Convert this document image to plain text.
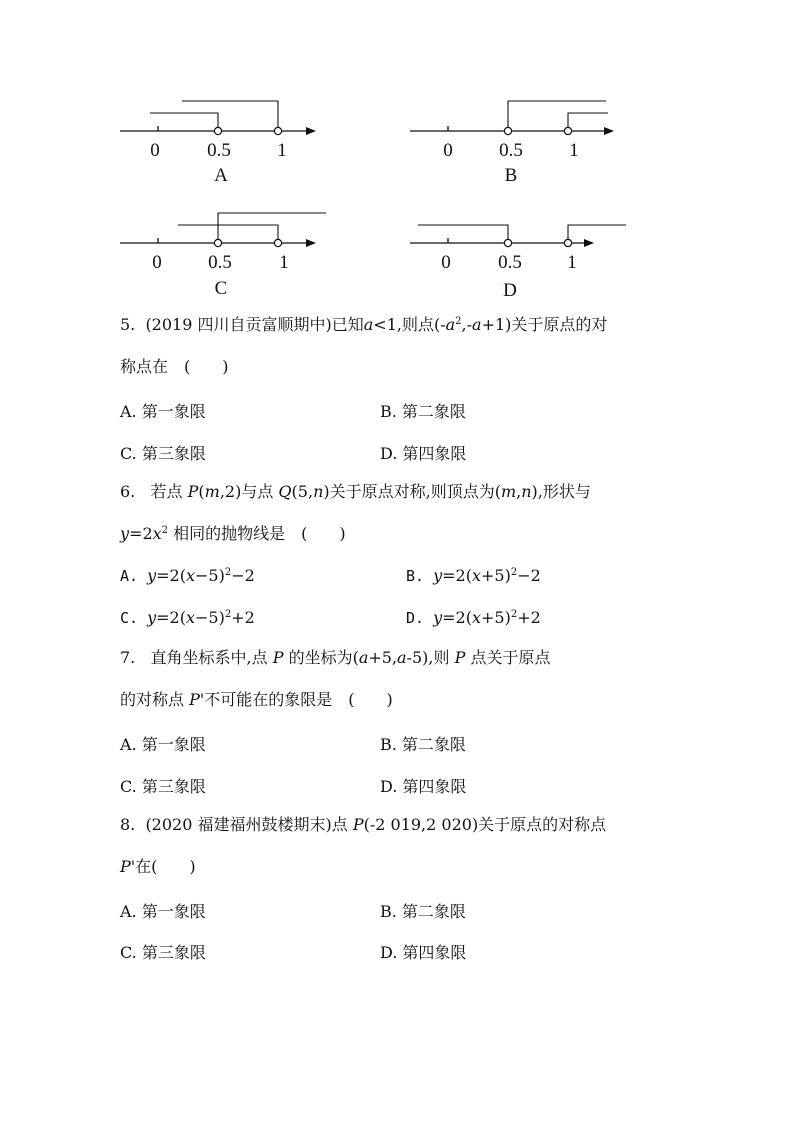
0 0.5 1
A
0 0.5 1
B
0 0.5 1
C
0 0.5 1
D
5. (2019 四川自贡富顺期中)已知a<1,则点$(-a^2,-a+1)$关于原点的对
称点在　(　　)
A. 第一象限	B. 第二象限
C. 第三象限	D. 第四象限
6. 若点 P(m,2)与点 Q(5,n)关于原点对称,则顶点为(m,n),形状与
$y=2x^2$ 相同的抛物线是　(　　)
A. $y=2(x-5)^2-2$	B. $y=2(x+5)^2-2$
C. $y=2(x-5)^2+2$	D. $y=2(x+5)^2+2$
7. 直角坐标系中,点 P 的坐标为(a+5,a-5),则 P 点关于原点
的对称点 P'不可能在的象限是　(　　)
A. 第一象限	B. 第二象限
C. 第三象限	D. 第四象限
8. (2020 福建福州鼓楼期末)点 P(-2 019,2 020)关于原点的对称点
P'在(　　)
A. 第一象限	B. 第二象限
C. 第三象限	D. 第四象限
